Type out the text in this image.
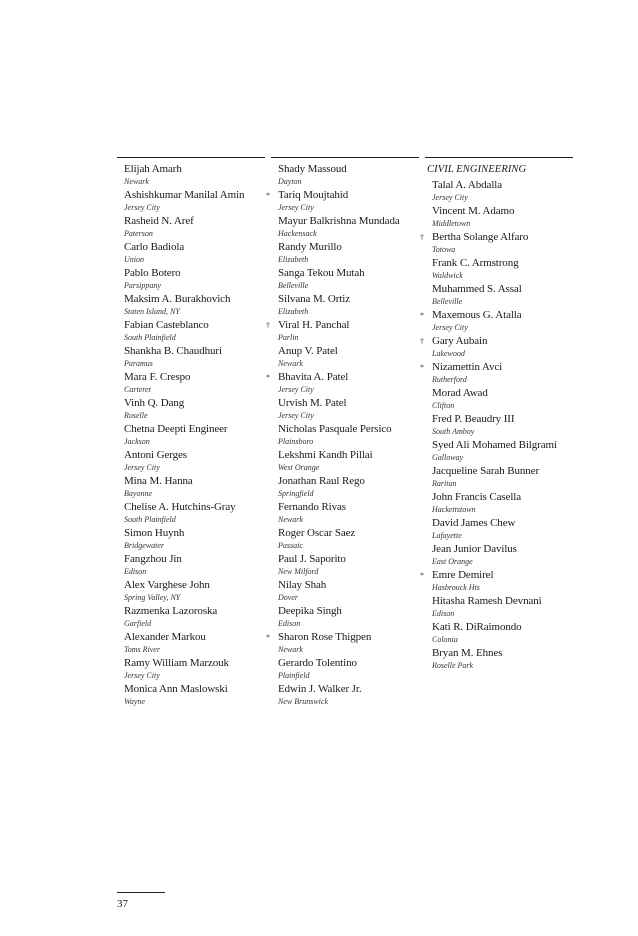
Elijah Amarh
Newark
Ashishkumar Manilal Amin
Jersey City
Rasheid N. Aref
Paterson
Carlo Badiola
Union
Pablo Botero
Parsippany
Maksim A. Burakhovich
Staten Island, NY
Fabian Casteblanco
South Plainfield
Shankha B. Chaudhuri
Paramus
Mara F. Crespo
Carteret
Vinh Q. Dang
Roselle
Chetna Deepti Engineer
Jackson
Antoni Gerges
Jersey City
Mina M. Hanna
Bayonne
Chelise A. Hutchins-Gray
South Plainfield
Simon Huynh
Bridgewater
Fangzhou Jin
Edison
Alex Varghese John
Spring Valley, NY
Razmenka Lazoroska
Garfield
Alexander Markou
Toms River
Ramy William Marzouk
Jersey City
Monica Ann Maslowski
Wayne
Shady Massoud
Dayton
* Tariq Moujtahid
Jersey City
Mayur Balkrishna Mundada
Hackensack
Randy Murillo
Elizabeth
Sanga Tekou Mutah
Belleville
Silvana M. Ortiz
Elizabeth
† Viral H. Panchal
Parlin
Anup V. Patel
Newark
* Bhavita A. Patel
Jersey City
Urvish M. Patel
Jersey City
Nicholas Pasquale Persico
Plainsboro
Lekshmi Kandh Pillai
West Orange
Jonathan Raul Rego
Springfield
Fernando Rivas
Newark
Roger Oscar Saez
Passaic
Paul J. Saporito
New Milford
Nilay Shah
Dover
Deepika Singh
Edison
* Sharon Rose Thigpen
Newark
Gerardo Tolentino
Plainfield
Edwin J. Walker Jr.
New Brunswick
CIVIL ENGINEERING
Talal A. Abdalla
Jersey City
Vincent M. Adamo
Middletown
† Bertha Solange Alfaro
Totowa
Frank C. Armstrong
Waldwick
Muhammed S. Assal
Belleville
* Maxemous G. Atalla
Jersey City
† Gary Aubain
Lakewood
* Nizamettin Avci
Rutherford
Morad Awad
Clifton
Fred P. Beaudry III
South Amboy
Syed Ali Mohamed Bilgrami
Galloway
Jacqueline Sarah Bunner
Raritan
John Francis Casella
Hackettstown
David James Chew
Lafayette
Jean Junior Davilus
East Orange
* Emre Demirel
Hasbrouck Hts
Hitasha Ramesh Devnani
Edison
Kati R. DiRaimondo
Colonia
Bryan M. Ehnes
Roselle Park
37
